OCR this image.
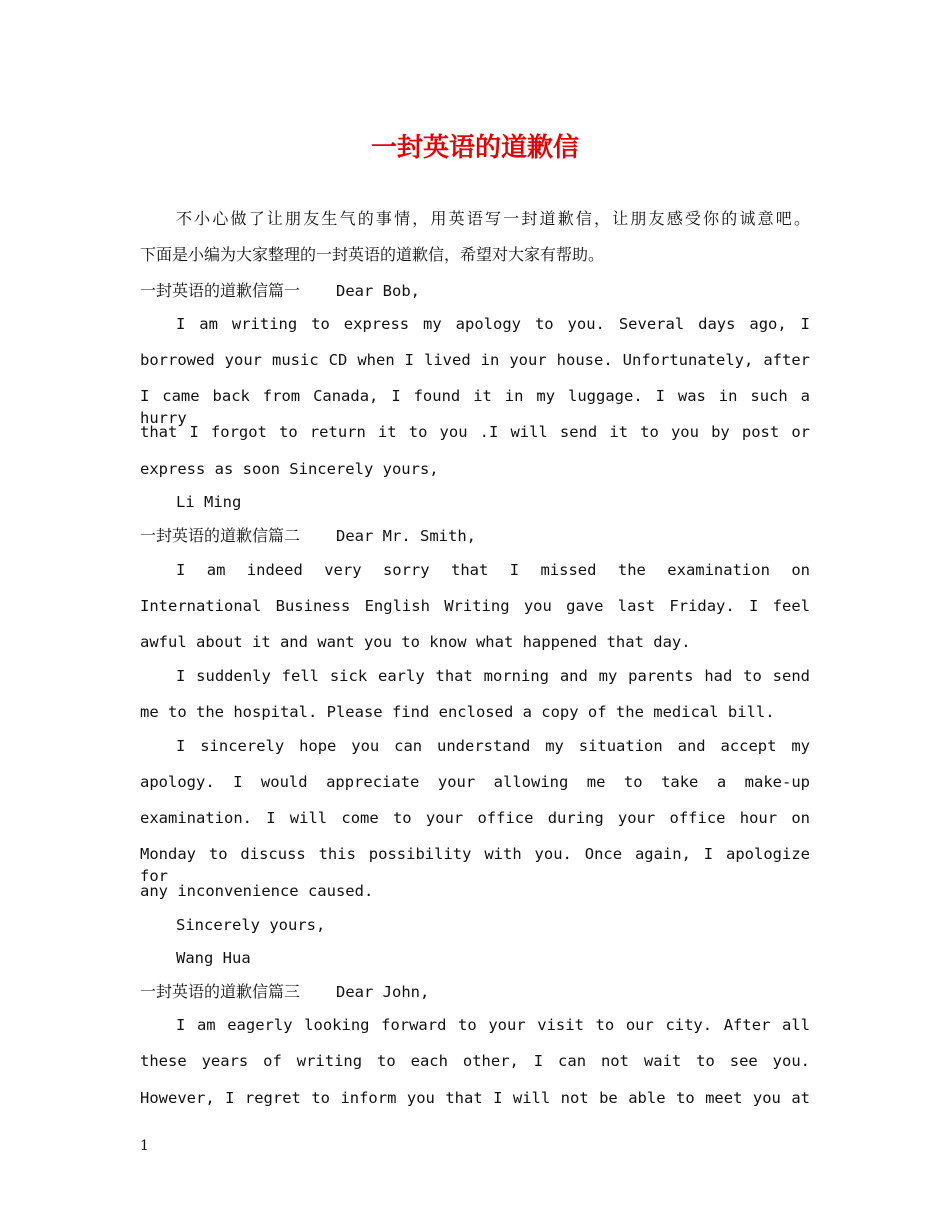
一封英语的道歉信

不小心做了让朋友生气的事情，用英语写一封道歉信，让朋友感受你的诚意吧。

下面是小编为大家整理的一封英语的道歉信，希望对大家有帮助。

一封英语的道歉信篇一 Dear Bob,

I am writing to express my apology to you. Several days ago, I

borrowed your music CD when I lived in your house. Unfortunately, after

I came back from Canada, I found it in my luggage. I was in such a hurry

that I forgot to return it to you .I will send it to you by post or

express as soon Sincerely yours,

Li Ming

一封英语的道歉信篇二 Dear Mr. Smith,

I am indeed very sorry that I missed the examination on

International Business English Writing you gave last Friday. I feel

awful about it and want you to know what happened that day.

I suddenly fell sick early that morning and my parents had to send

me to the hospital. Please find enclosed a copy of the medical bill.

I sincerely hope you can understand my situation and accept my

apology. I would appreciate your allowing me to take a make-up

examination. I will come to your office during your office hour on

Monday to discuss this possibility with you. Once again, I apologize for

any inconvenience caused.

Sincerely yours,

Wang Hua

一封英语的道歉信篇三 Dear John,

I am eagerly looking forward to your visit to our city. After all

these years of writing to each other, I can not wait to see you.

However, I regret to inform you that I will not be able to meet you at

1
